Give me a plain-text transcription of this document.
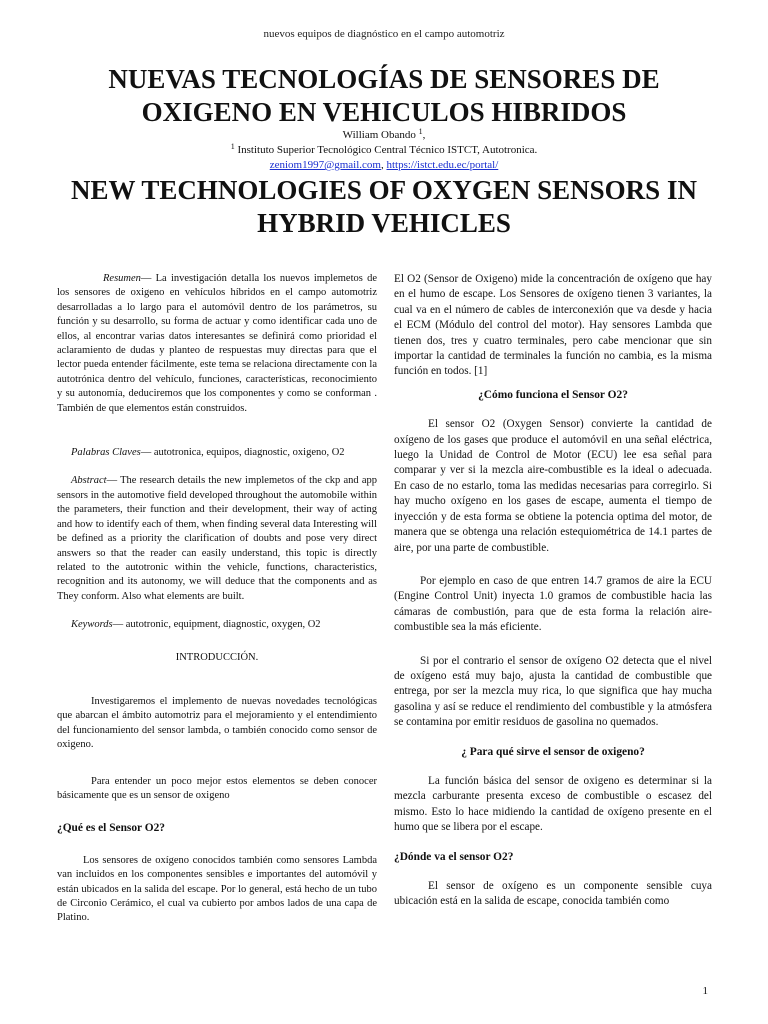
nuevos equipos de diagnóstico en el campo automotriz
NUEVAS TECNOLOGÍAS DE SENSORES DE OXIGENO EN VEHICULOS HIBRIDOS
William Obando $^1$,
$^1$ Instituto Superior Tecnológico Central Técnico ISTCT, Autotronica.
zeniom1997@gmail.com, https://istct.edu.ec/portal/
NEW TECHNOLOGIES OF OXYGEN SENSORS IN HYBRID VEHICLES

Resumen— La investigación detalla los nuevos implemetos de los sensores de oxigeno en vehículos híbridos en el campo automotriz desarrolladas a lo largo para el automóvil dentro de los parámetros, su función y su desarrollo, su forma de actuar y como identificar cada uno de ellos, al encontrar varias datos interesantes se definirá como prioridad el aclaramiento de dudas y planteo de respuestas muy directas para que el lector pueda entender fácilmente, este tema se relaciona directamente con la autotrónica dentro del vehículo, funciones, características, reconocimiento y su autonomía, deduciremos que los componentes y como se conforman . También de que elementos están construidos.

Palabras Claves— autotronica, equipos, diagnostic, oxigeno, O2

Abstract— The research details the new implemetos of the ckp and app sensors in the automotive field developed throughout the automobile within the parameters, their function and their development, their way of acting and how to identify each of them, when finding several data Interesting will be defined as a priority the clarification of doubts and pose very direct answers so that the reader can easily understand, this topic is directly related to the autotronic within the vehicle, functions, characteristics, recognition and its autonomy, we will deduce that the components and as They conform. Also what elements are built.

Keywords— autotronic, equipment, diagnostic, oxygen, O2

INTRODUCCIÓN.

Investigaremos el implemento de nuevas novedades tecnológicas que abarcan el ámbito automotriz para el mejoramiento y el entendimiento del funcionamiento del sensor lambda, o también conocido como sensor de oxigeno.

Para entender un poco mejor estos elementos se deben conocer básicamente que es un sensor de oxigeno

¿Qué es el Sensor O2?

Los sensores de oxígeno conocidos también como sensores Lambda van incluidos en los componentes sensibles e importantes del automóvil y están ubicados en la salida del escape. Por lo general, está hecho de un tubo de Circonio Cerámico, el cual va cubierto por ambos lados de una capa de Platino.

El O2 (Sensor de Oxigeno) mide la concentración de oxígeno que hay en el humo de escape. Los Sensores de oxígeno tienen 3 variantes, la cual va en el número de cables de interconexión que va desde y hacia el ECM (Módulo del control del motor). Hay sensores Lambda que tienen dos, tres y cuatro terminales, pero cabe mencionar que sin importar la cantidad de terminales la función no cambia, es la misma función en todos. [1]

¿Cómo funciona el Sensor O2?

El sensor O2 (Oxygen Sensor) convierte la cantidad de oxígeno de los gases que produce el automóvil en una señal eléctrica, luego la Unidad de Control de Motor (ECU) lee esa señal para comparar y ver si la mezcla aire-combustible es la ideal o adecuada. En caso de no estarlo, toma las medidas necesarias para corregirlo. Si hay mucho oxígeno en los gases de escape, aumenta el tiempo de inyección y de esta forma se obtiene la potencia optima del motor, de manera que se obtenga una relación estequiométrica de 14.1 partes de aire, por una parte de combustible.

Por ejemplo en caso de que entren 14.7 gramos de aire la ECU (Engine Control Unit) inyecta 1.0 gramos de combustible hacia las cámaras de combustión, para que de esta forma la relación aire-combustible sea la más eficiente.

Si por el contrario el sensor de oxígeno O2 detecta que el nivel de oxígeno está muy bajo, ajusta la cantidad de combustible que entrega, por ser la mezcla muy rica, lo que significa que hay mucha gasolina y así se reduce el rendimiento del combustible y la atmósfera se contamina por emitir residuos de gasolina no quemados.

¿ Para qué sirve el sensor de oxigeno?

La función básica del sensor de oxigeno es determinar si la mezcla carburante presenta exceso de combustible o escasez del mismo. Esto lo hace midiendo la cantidad de oxígeno presente en el humo que se libera por el escape.

¿Dónde va el sensor O2?

El sensor de oxígeno es un componente sensible cuya ubicación está en la salida de escape, conocida también como

1
